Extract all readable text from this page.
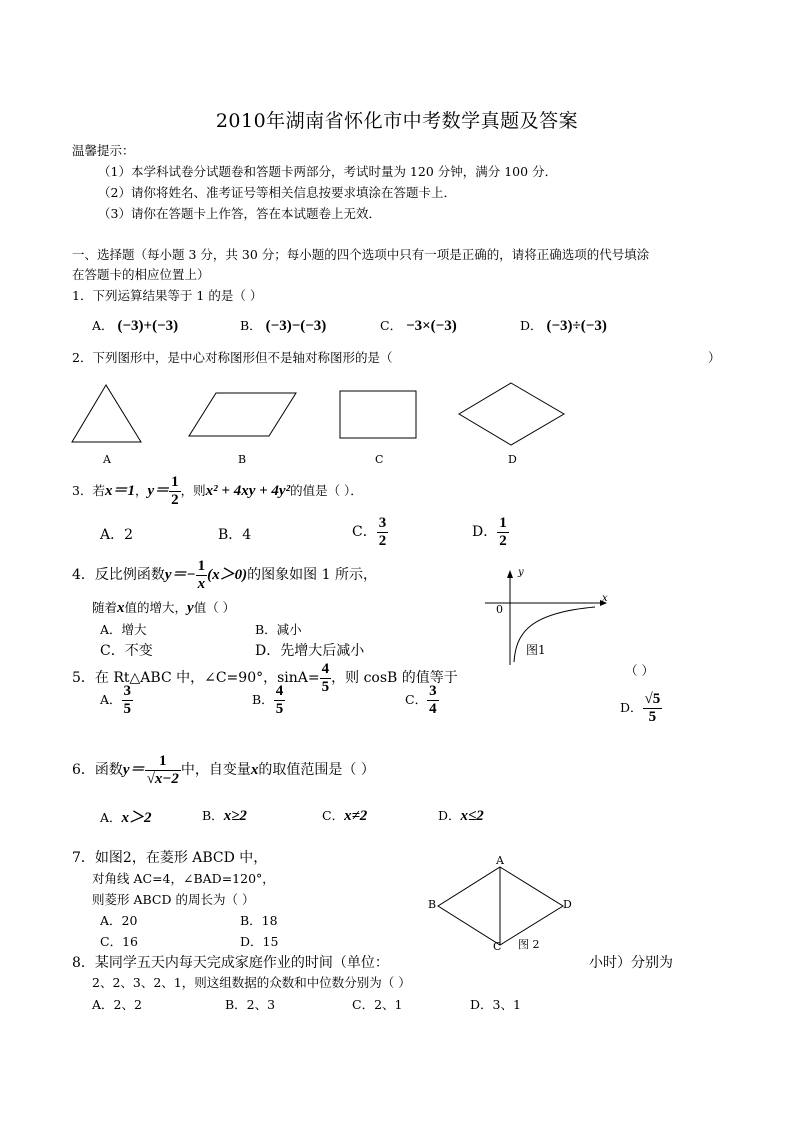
2010年湖南省怀化市中考数学真题及答案
温馨提示：
（1）本学科试卷分试题卷和答题卡两部分，考试时量为 120 分钟，满分 100 分．
（2）请你将姓名、准考证号等相关信息按要求填涂在答题卡上．
（3）请你在答题卡上作答，答在本试题卷上无效．
一、选择题（每小题 3 分，共 30 分；每小题的四个选项中只有一项是正确的，请将正确选项的代号填涂
在答题卡的相应位置上）
1．下列运算结果等于 1 的是（ ）
A． (−3)+(−3)	B． (−3)−(−3)	C． −3×(−3)	D． (−3)÷(−3)
2．下列图形中，是中心对称图形但不是轴对称图形的是（	）
A	B	C	D
3．若x＝1，$y= \frac{1}{2}$ ，则x² + 4xy + 4y²的值是（ ）．
A．2	B．4	C． $\frac{3}{2}$	D． $\frac{1}{2}$
4．反比例函数$y=- \frac{1}{x} (x>0)$的图象如图 1 所示，
随着x值的增大，y值（ ）
A．增大	B．减小
C．不变	D．先增大后减小
y
x
0
图1
5．在 Rt△ABC 中，∠C=90°，$\sin A= \frac{4}{5}$ ，则 cosB 的值等于	（ ）
A． $\frac{3}{5}$	B． $\frac{4}{5}$	C． $\frac{3}{4}$	D． $\frac{√5}{5}$
6．函数$y= \frac{1}{√x-2}$ 中，自变量x的取值范围是（ ）
A．x＞2	B．x≥2	C．x≠2	D．x≤2
7．如图2，在菱形 ABCD 中，
对角线 AC=4，∠BAD=120°，
则菱形 ABCD 的周长为（ ）
A．20	B．18
C．16	D．15
A
B
C
D
图 2
8．某同学五天内每天完成家庭作业的时间（单位：	小时）分别为
2、2、3、2、1，则这组数据的众数和中位数分别为（ ）
A．2、2	B．2、3	C．2、1	D．3、1
